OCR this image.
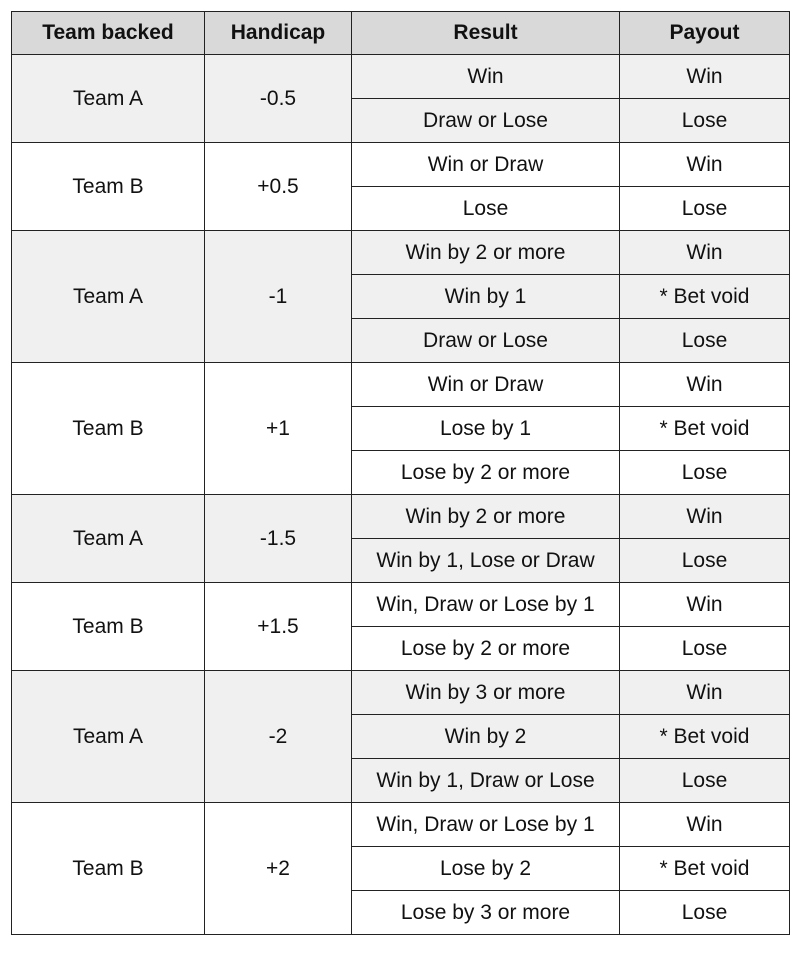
Team backed	Handicap	Result	Payout
Team A	-0.5	Win	Win
		Draw or Lose	Lose
Team B	+0.5	Win or Draw	Win
		Lose	Lose
Team A	-1	Win by 2 or more	Win
		Win by 1	* Bet void
		Draw or Lose	Lose
Team B	+1	Win or Draw	Win
		Lose by 1	* Bet void
		Lose by 2 or more	Lose
Team A	-1.5	Win by 2 or more	Win
		Win by 1, Lose or Draw	Lose
Team B	+1.5	Win, Draw or Lose by 1	Win
		Lose by 2 or more	Lose
Team A	-2	Win by 3 or more	Win
		Win by 2	* Bet void
		Win by 1, Draw or Lose	Lose
Team B	+2	Win, Draw or Lose by 1	Win
		Lose by 2	* Bet void
		Lose by 3 or more	Lose
